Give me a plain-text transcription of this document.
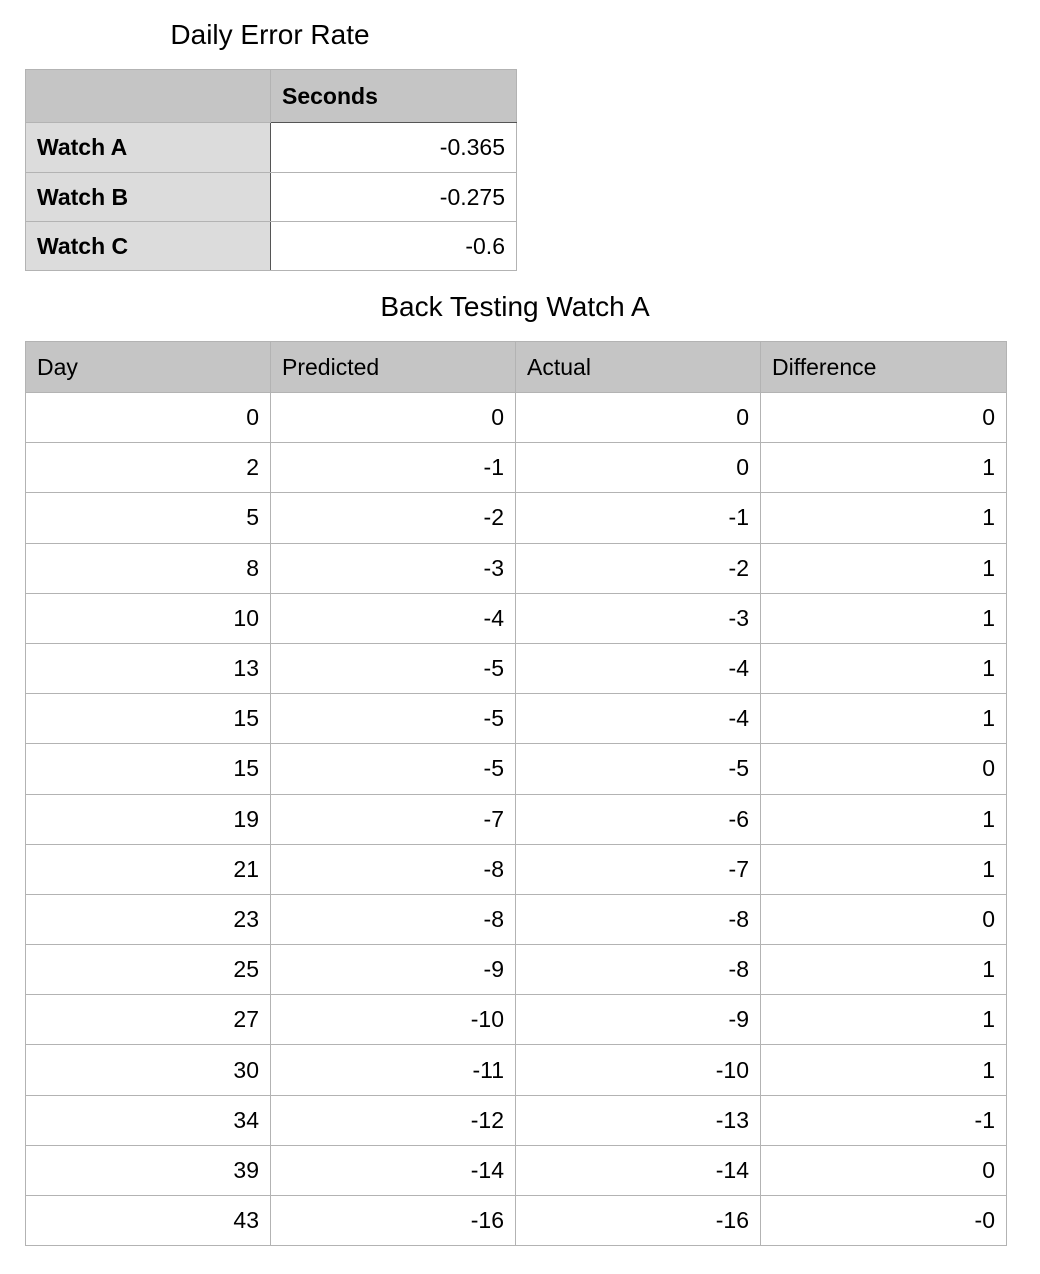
Daily Error Rate
	Seconds
Watch A	-0.365
Watch B	-0.275
Watch C	-0.6
Back Testing Watch A
Day	Predicted	Actual	Difference
0	0	0	0
2	-1	0	1
5	-2	-1	1
8	-3	-2	1
10	-4	-3	1
13	-5	-4	1
15	-5	-4	1
15	-5	-5	0
19	-7	-6	1
21	-8	-7	1
23	-8	-8	0
25	-9	-8	1
27	-10	-9	1
30	-11	-10	1
34	-12	-13	-1
39	-14	-14	0
43	-16	-16	-0
